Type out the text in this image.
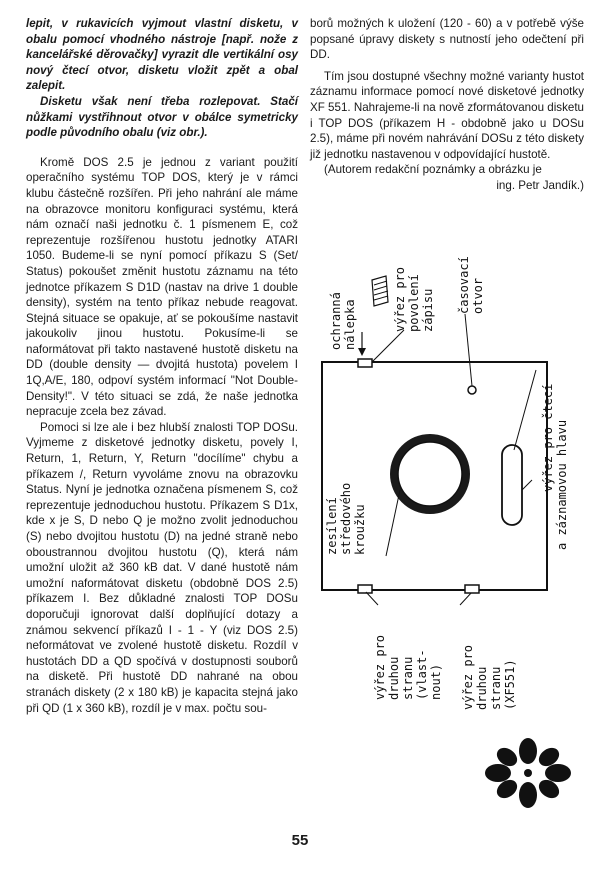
lepit, v rukavicích vyjmout vlastní disketu, v obalu pomocí vhodného nástroje [např. nože z kancelářské děrovačky] vyrazit dle vertikální osy nový čtecí otvor, disketu vložit zpět a obal zalepit.

Disketu však není třeba rozlepovat. Stačí nůžkami vystřihnout otvor v obálce symetricky podle původního obalu (viz obr.).

Kromě DOS 2.5 je jednou z variant použití operačního systému TOP DOS, který je v rámci klubu částečně rozšířen. Při jeho nahrání ale máme na obrazovce monitoru konfiguraci systému, která nám označí naši jednotku č. 1 písmenem E, což reprezentuje rozšířenou hustotu jednotky ATARI 1050. Budeme-li se nyní pomocí příkazu S (Set/ Status) pokoušet změnit hustotu záznamu na této jednotce příkazem S D1D (nastav na drive 1 double density), systém na tento příkaz nebude reagovat. Stejná situace se opakuje, ať se pokoušíme nastavit jakoukoliv jinou hustotu. Pokusíme-li se naformátovat při takto nastavené hustotě disketu na DD (double density — dvojitá hustota) povelem I 1Q,A/E, 180, odpoví systém informací "Not Double-Density!". V této situaci se zdá, že naše jednotka nepracuje zcela bez závad.

Pomoci si lze ale i bez hlubší znalosti TOP DOSu. Vyjmeme z disketové jednotky disketu, povely I, Return, 1, Return, Y, Return "docílíme" chybu a příkazem /, Return vyvoláme znovu na obrazovku Status. Nyní je jednotka označena písmenem S, což reprezentuje jednoduchou hustotu. Příkazem S D1x, kde x je S, D nebo Q je možno zvolit jednoduchou (S) nebo dvojitou hustotu (D) na jedné straně nebo oboustrannou dvojitou hustotu (Q), která nám umožní uložit až 360 kB dat. V dané hustotě nám umožní naformátovat disketu (obdobně DOS 2.5) příkazem I. Bez důkladné znalosti TOP DOSu doporučuji ignorovat další doplňující dotazy a známou sekvencí příkazů I - 1 - Y (viz DOS 2.5) neformátovat ve zvolené hustotě disketu. Rozdíl v hustotách DD a QD spočívá v dostupnosti souborů na disketě. Při hustotě DD nahrané na obou stranách diskety (2 x 180 kB) je kapacita stejná jako při QD (1 x 360 kB), rozdíl je v max. počtu sou-

borů možných k uložení (120 - 60) a v potřebě výše popsané úpravy diskety s nutností jeho odečtení při DD.

Tím jsou dostupné všechny možné varianty hustot záznamu informace pomocí nové disketové jednotky XF 551. Nahrajeme-li na nově zformátovanou disketu i TOP DOS (příkazem H - obdobně jako u DOSu 2.5), máme při novém nahrávání DOSu z této diskety již jednotku nastavenou v odpovídající hustotě.

(Autorem redakční poznámky a obrázku je

ing. Petr Jandík.)

ochranná nálepka	výřez pro povolení zápisu časovací otvor
zesílení středového kroužku
výřez pro čtecí a záznamovou hlavu
výřez pro druhou stranu (vlast- nout) výřez pro druhou stranu (XF551)
55
